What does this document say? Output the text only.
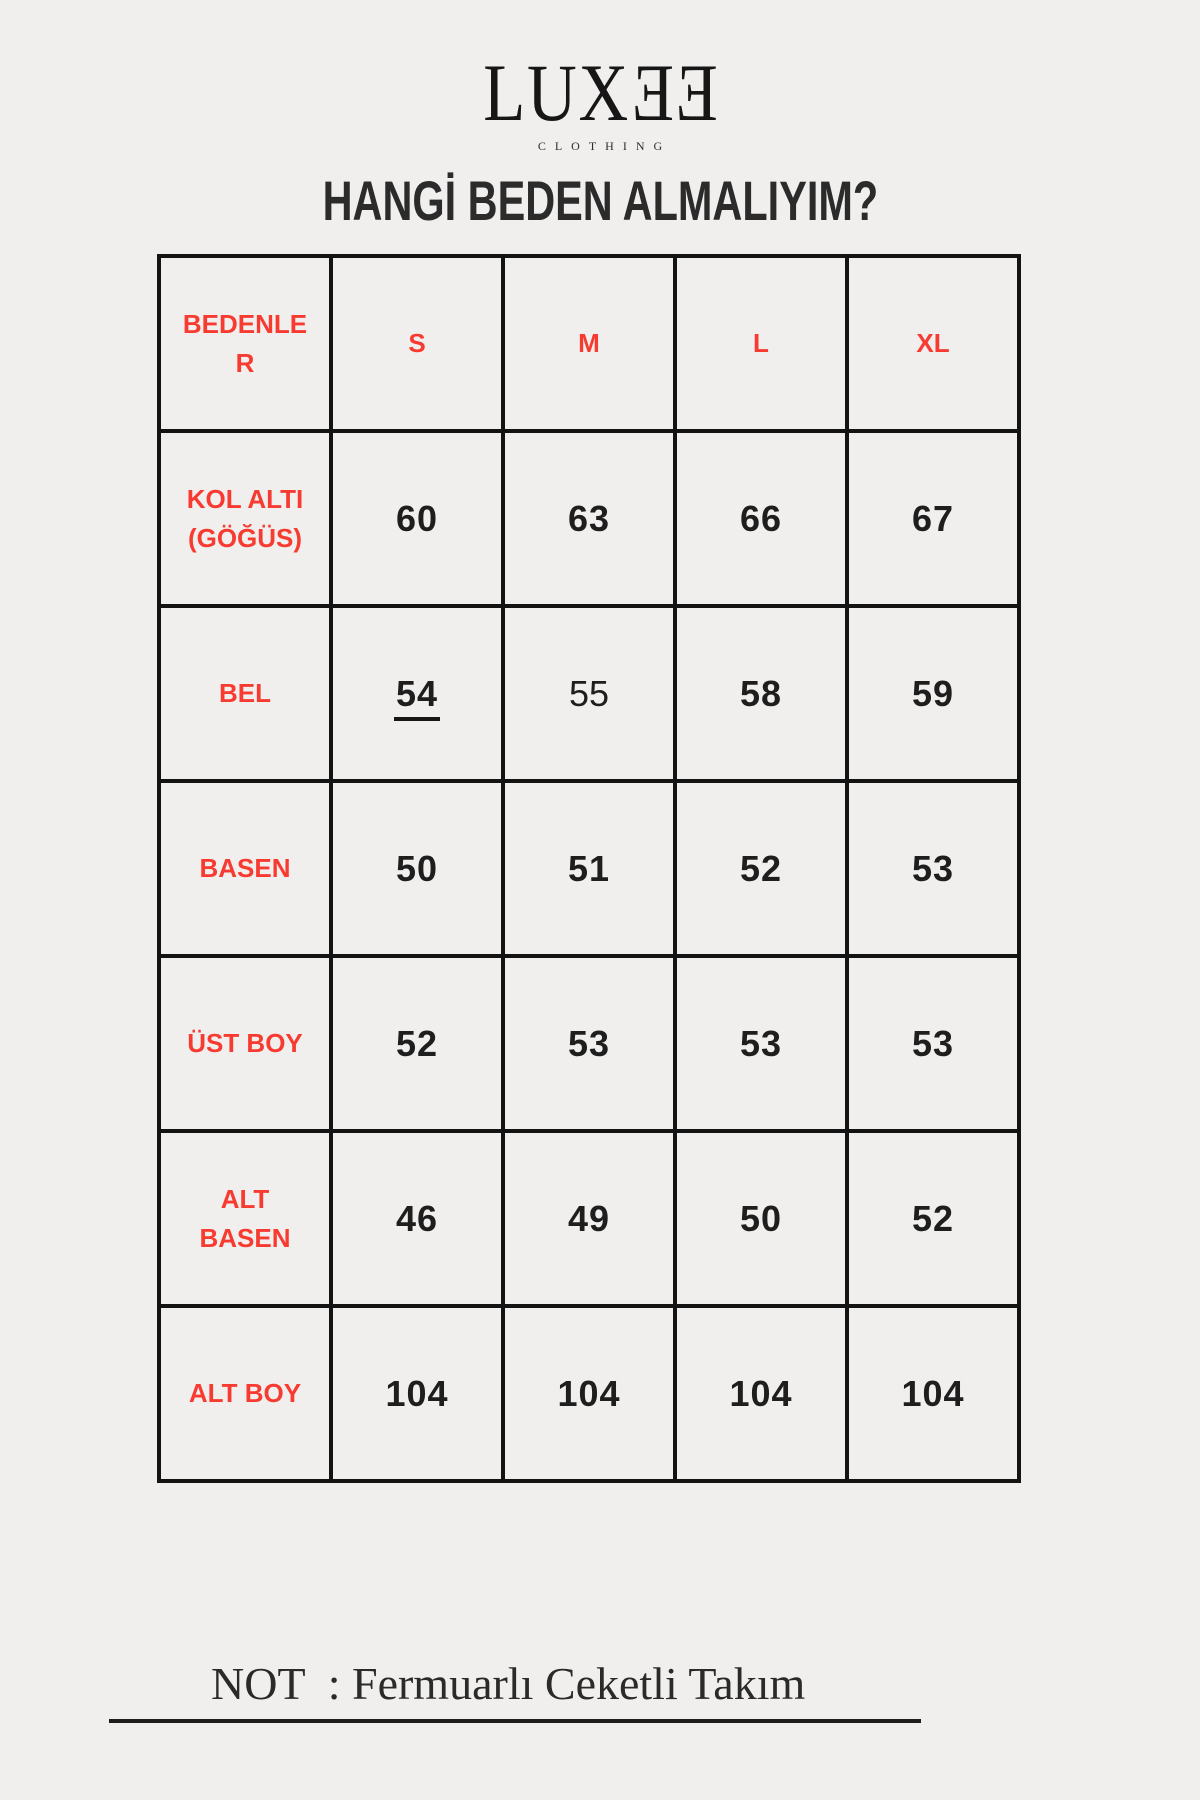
LUXEE
CLOTHING
HANGİ BEDEN ALMALIYIM?
BEDENLER	S	M	L	XL
KOL ALTI (GÖĞÜS)	60	63	66	67
BEL	54	55	58	59
BASEN	50	51	52	53
ÜST BOY	52	53	53	53
ALT BASEN	46	49	50	52
ALT BOY	104	104	104	104
NOT  : Fermuarlı Ceketli Takım
